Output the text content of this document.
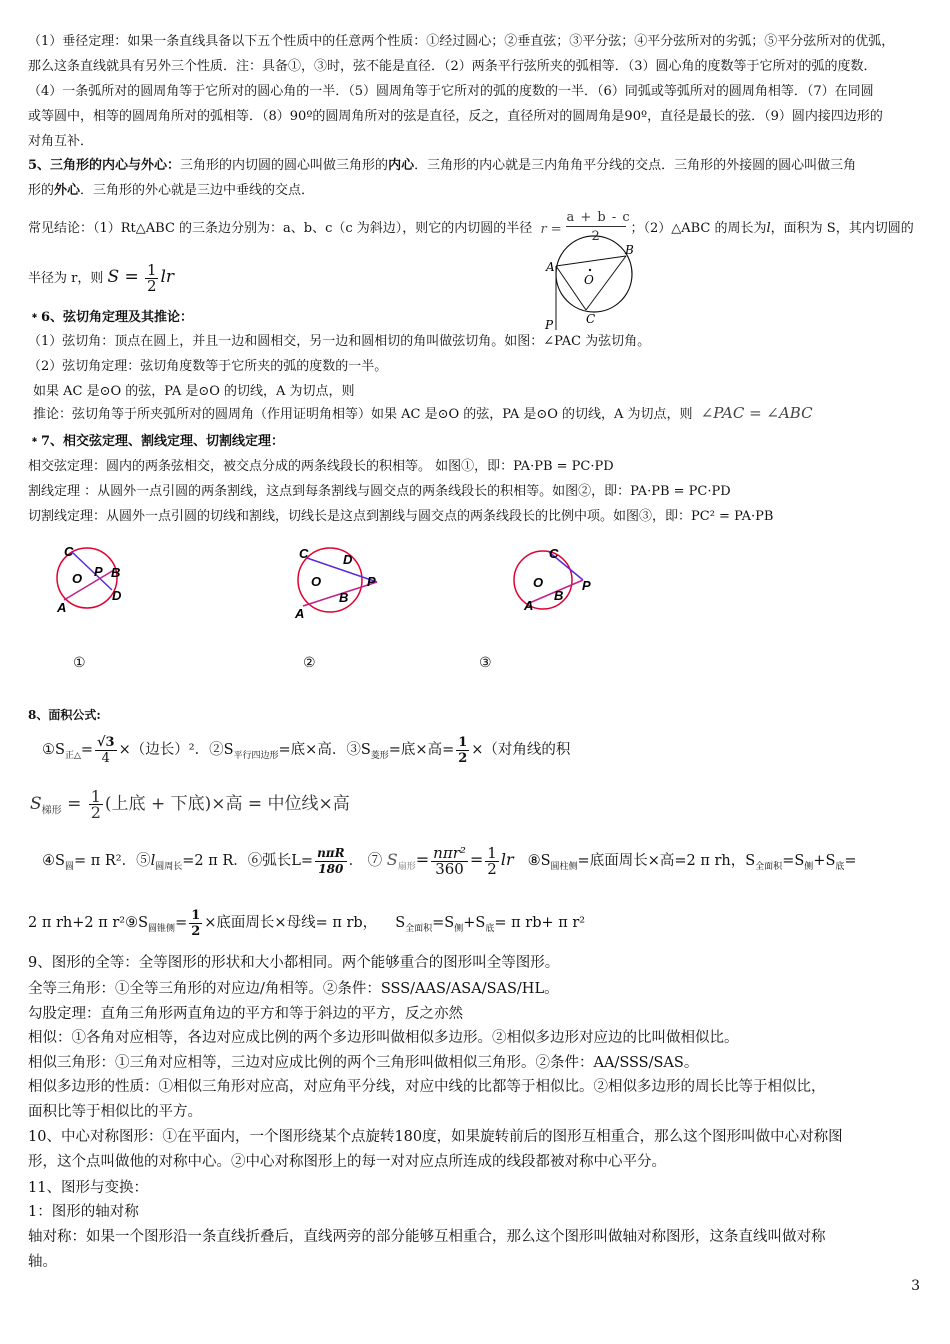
（1）垂径定理：如果一条直线具备以下五个性质中的任意两个性质：①经过圆心；②垂直弦；③平分弦；④平分弦所对的劣弧；⑤平分弦所对的优弧，
那么这条直线就具有另外三个性质．注：具备①，③时，弦不能是直径．（2）两条平行弦所夹的弧相等．（3）圆心角的度数等于它所对的弧的度数．
（4）一条弧所对的圆周角等于它所对的圆心角的一半．（5）圆周角等于它所对的弧的度数的一半．（6）同弧或等弧所对的圆周角相等．（7）在同圆
或等圆中，相等的圆周角所对的弧相等．（8）90º的圆周角所对的弦是直径，反之，直径所对的圆周角是90º，直径是最长的弦．（9）圆内接四边形的
对角互补．
5、三角形的内心与外心：三角形的内切圆的圆心叫做三角形的内心．三角形的内心就是三内角角平分线的交点．三角形的外接圆的圆心叫做三角
形的外心．三角形的外心就是三边中垂线的交点．
常见结论：（1）Rt△ABC 的三条边分别为：a、b、c（c 为斜边），则它的内切圆的半径 r =
a + b - c
2
；（2）△ABC 的周长为l，面积为 S，其内切圆的
半径为 r，则 $S = \frac{1}{2}$ lr	A
B
O
C
P
﹡6、弦切角定理及其推论：
（1）弦切角：顶点在圆上，并且一边和圆相交，另一边和圆相切的角叫做弦切角。如图：∠PAC 为弦切角。
（2）弦切角定理：弦切角度数等于它所夹的弧的度数的一半。
如果 AC 是⊙O 的弦，PA 是⊙O 的切线，A 为切点，则
推论：弦切角等于所夹弧所对的圆周角（作用证明角相等）如果 AC 是⊙O 的弦，PA 是⊙O 的切线，A 为切点，则 ∠PAC = ∠ABC
﹡7、相交弦定理、割线定理、切割线定理：
相交弦定理：圆内的两条弦相交，被交点分成的两条线段长的积相等。 如图①，即：PA·PB = PC·PD
割线定理 ：从圆外一点引圆的两条割线，这点到每条割线与圆交点的两条线段长的积相等。如图②，即：PA·PB = PC·PD
切割线定理：从圆外一点引圆的切线和割线，切线长是这点到割线与圆交点的两条线段长的比例中项。如图③，即：PC² = PA·PB
C
O P B
A
D
C	D
O	P
B
A
C
O	P
B
A
①	②	③
8、面积公式:
$①S_{正\triangle}= \frac{√3}{4}$ ×（边长）²．$②S_{平行四边形}=$底×高．$③S_{菱形}=$底×高= $\frac{1}{2}$ ×（对角线的积
$S_{梯形} = \frac{1}{2}$ (上底 + 下底)×高 = 中位线×高
$④S_圆= \pi$ R²．$⑤l_{圆周长}=2$ π R．⑥弧长$L= \frac{\text{nπR}}{180}$ ． ⑦ $S_{扇形}= \frac{\text{nπr²}}{360} = \frac{1}{2}$ lr $⑧S_{圆柱侧}=$底面周长×高=2 π rh，$S_{全面积}=S_侧+S_底=$
2 π rh+2 π $r^2⑨S_{圆锥侧}= \frac{1}{2}$ ×底面周长×母线= π rb， $S_{全面积}=S_侧+S_底= \pi$ rb+ π r²
9、图形的全等：全等图形的形状和大小都相同。两个能够重合的图形叫全等图形。
全等三角形：①全等三角形的对应边/角相等。②条件：SSS/AAS/ASA/SAS/HL。
勾股定理：直角三角形两直角边的平方和等于斜边的平方，反之亦然
相似：①各角对应相等，各边对应成比例的两个多边形叫做相似多边形。②相似多边形对应边的比叫做相似比。
相似三角形：①三角对应相等，三边对应成比例的两个三角形叫做相似三角形。②条件：AA/SSS/SAS。
相似多边形的性质：①相似三角形对应高，对应角平分线，对应中线的比都等于相似比。②相似多边形的周长比等于相似比，
面积比等于相似比的平方。
10、中心对称图形：①在平面内，一个图形绕某个点旋转180度，如果旋转前后的图形互相重合，那么这个图形叫做中心对称图
形，这个点叫做他的对称中心。②中心对称图形上的每一对对应点所连成的线段都被对称中心平分。
11、图形与变换：
1：图形的轴对称
轴对称：如果一个图形沿一条直线折叠后，直线两旁的部分能够互相重合，那么这个图形叫做轴对称图形，这条直线叫做对称
轴。
3
